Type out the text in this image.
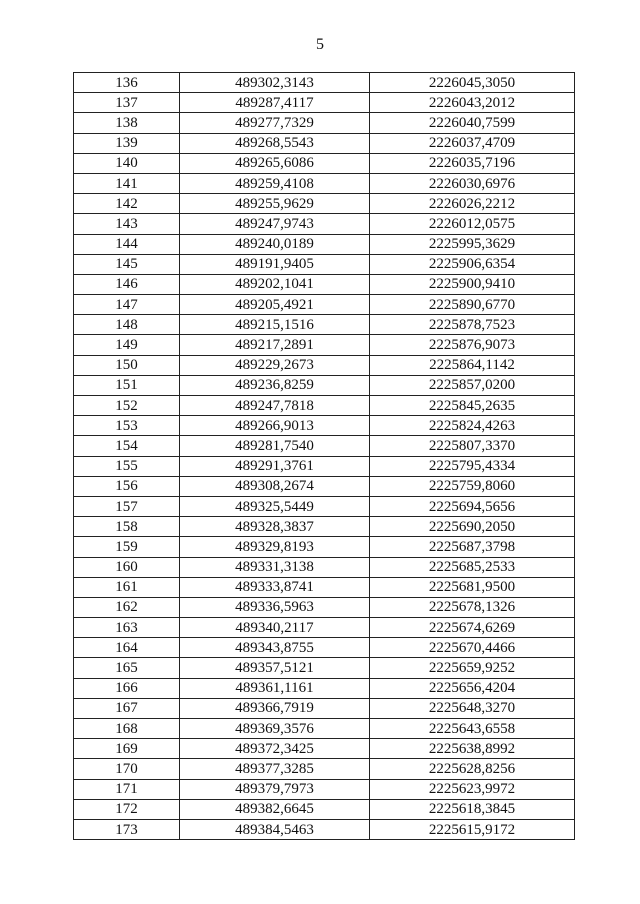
5
136	489302,3143	2226045,3050
137	489287,4117	2226043,2012
138	489277,7329	2226040,7599
139	489268,5543	2226037,4709
140	489265,6086	2226035,7196
141	489259,4108	2226030,6976
142	489255,9629	2226026,2212
143	489247,9743	2226012,0575
144	489240,0189	2225995,3629
145	489191,9405	2225906,6354
146	489202,1041	2225900,9410
147	489205,4921	2225890,6770
148	489215,1516	2225878,7523
149	489217,2891	2225876,9073
150	489229,2673	2225864,1142
151	489236,8259	2225857,0200
152	489247,7818	2225845,2635
153	489266,9013	2225824,4263
154	489281,7540	2225807,3370
155	489291,3761	2225795,4334
156	489308,2674	2225759,8060
157	489325,5449	2225694,5656
158	489328,3837	2225690,2050
159	489329,8193	2225687,3798
160	489331,3138	2225685,2533
161	489333,8741	2225681,9500
162	489336,5963	2225678,1326
163	489340,2117	2225674,6269
164	489343,8755	2225670,4466
165	489357,5121	2225659,9252
166	489361,1161	2225656,4204
167	489366,7919	2225648,3270
168	489369,3576	2225643,6558
169	489372,3425	2225638,8992
170	489377,3285	2225628,8256
171	489379,7973	2225623,9972
172	489382,6645	2225618,3845
173	489384,5463	2225615,9172
